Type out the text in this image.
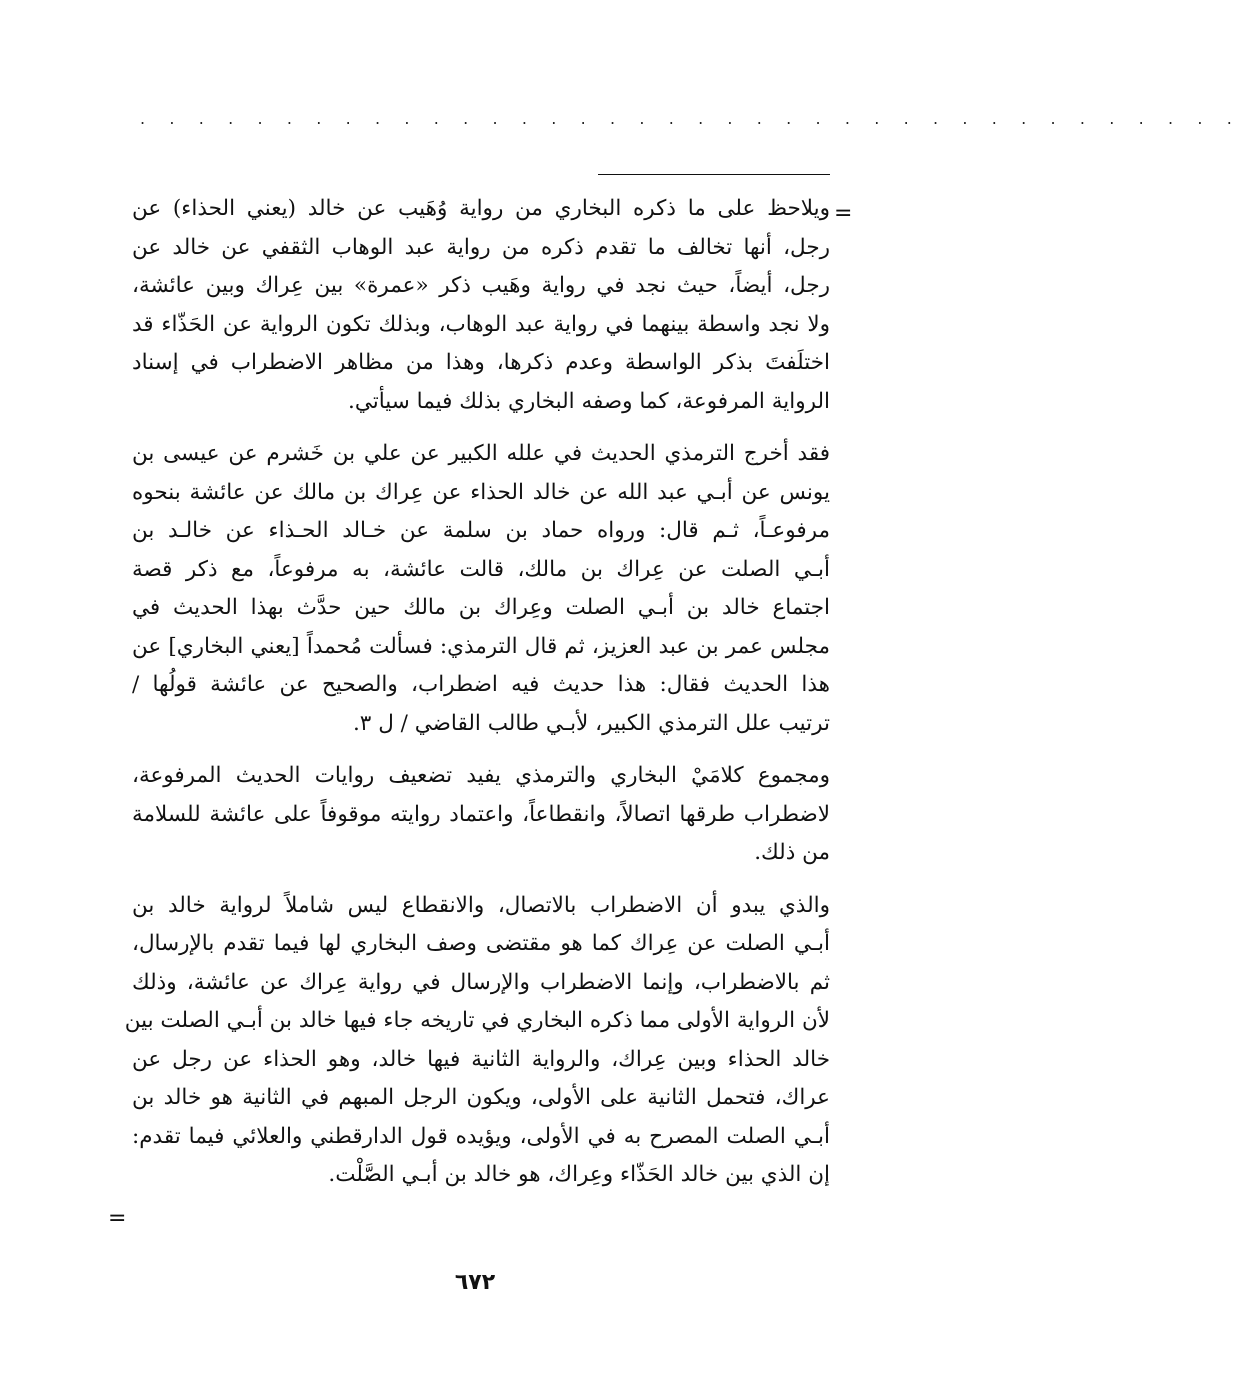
. . . . . . . . . . . . . . . . . . . . . . . . . . . . . . . . . . . . . .
=
ويلاحظ على ما ذكره البخاري من رواية وُهَيب عن خالد (يعني الحذاء) عن
رجل، أنها تخالف ما تقدم ذكره من رواية عبد الوهاب الثقفي عن خالد عن
رجل، أيضاً، حيث نجد في رواية وهَيب ذكر «عمرة» بين عِراك وبين عائشة،
ولا نجد واسطة بينهما في رواية عبد الوهاب، وبذلك تكون الرواية عن الحَذّاء قد
اختلَفتَ بذكر الواسطة وعدم ذكرها، وهذا من مظاهر الاضطراب في إسناد
الرواية المرفوعة، كما وصفه البخاري بذلك فيما سيأتي.
فقد أخرج الترمذي الحديث في علله الكبير عن علي بن خَشرم عن عيسى بن
يونس عن أبـي عبد الله عن خالد الحذاء عن عِراك بن مالك عن عائشة بنحوه
مرفوعـاً، ثـم قال: ورواه حماد بن سلمة عن خـالد الحـذاء عن خالـد بن
أبـي الصلت عن عِراك بن مالك، قالت عائشة، به مرفوعاً، مع ذكر قصة
اجتماع خالد بن أبـي الصلت وعِراك بن مالك حين حدَّث بهذا الحديث في
مجلس عمر بن عبد العزيز، ثم قال الترمذي: فسألت مُحمداً [يعني البخاري] عن
هذا الحديث فقال: هذا حديث فيه اضطراب، والصحيح عن عائشة قولُها /
ترتيب علل الترمذي الكبير، لأبـي طالب القاضي / ل ٣.
ومجموع كلامَيْ البخاري والترمذي يفيد تضعيف روايات الحديث المرفوعة،
لاضطراب طرقها اتصالاً، وانقطاعاً، واعتماد روايته موقوفاً على عائشة للسلامة
من ذلك.
والذي يبدو أن الاضطراب بالاتصال، والانقطاع ليس شاملاً لرواية خالد بن
أبـي الصلت عن عِراك كما هو مقتضى وصف البخاري لها فيما تقدم بالإرسال،
ثم بالاضطراب، وإنما الاضطراب والإرسال في رواية عِراك عن عائشة، وذلك
لأن الرواية الأولى مما ذكره البخاري في تاريخه جاء فيها خالد بن أبـي الصلت بين
خالد الحذاء وبين عِراك، والرواية الثانية فيها خالد، وهو الحذاء عن رجل عن
عراك، فتحمل الثانية على الأولى، ويكون الرجل المبهم في الثانية هو خالد بن
أبـي الصلت المصرح به في الأولى، ويؤيده قول الدارقطني والعلائي فيما تقدم:
إن الذي بين خالد الحَذّاء وعِراك، هو خالد بن أبـي الصَّلْت.
=
٦٧٢
